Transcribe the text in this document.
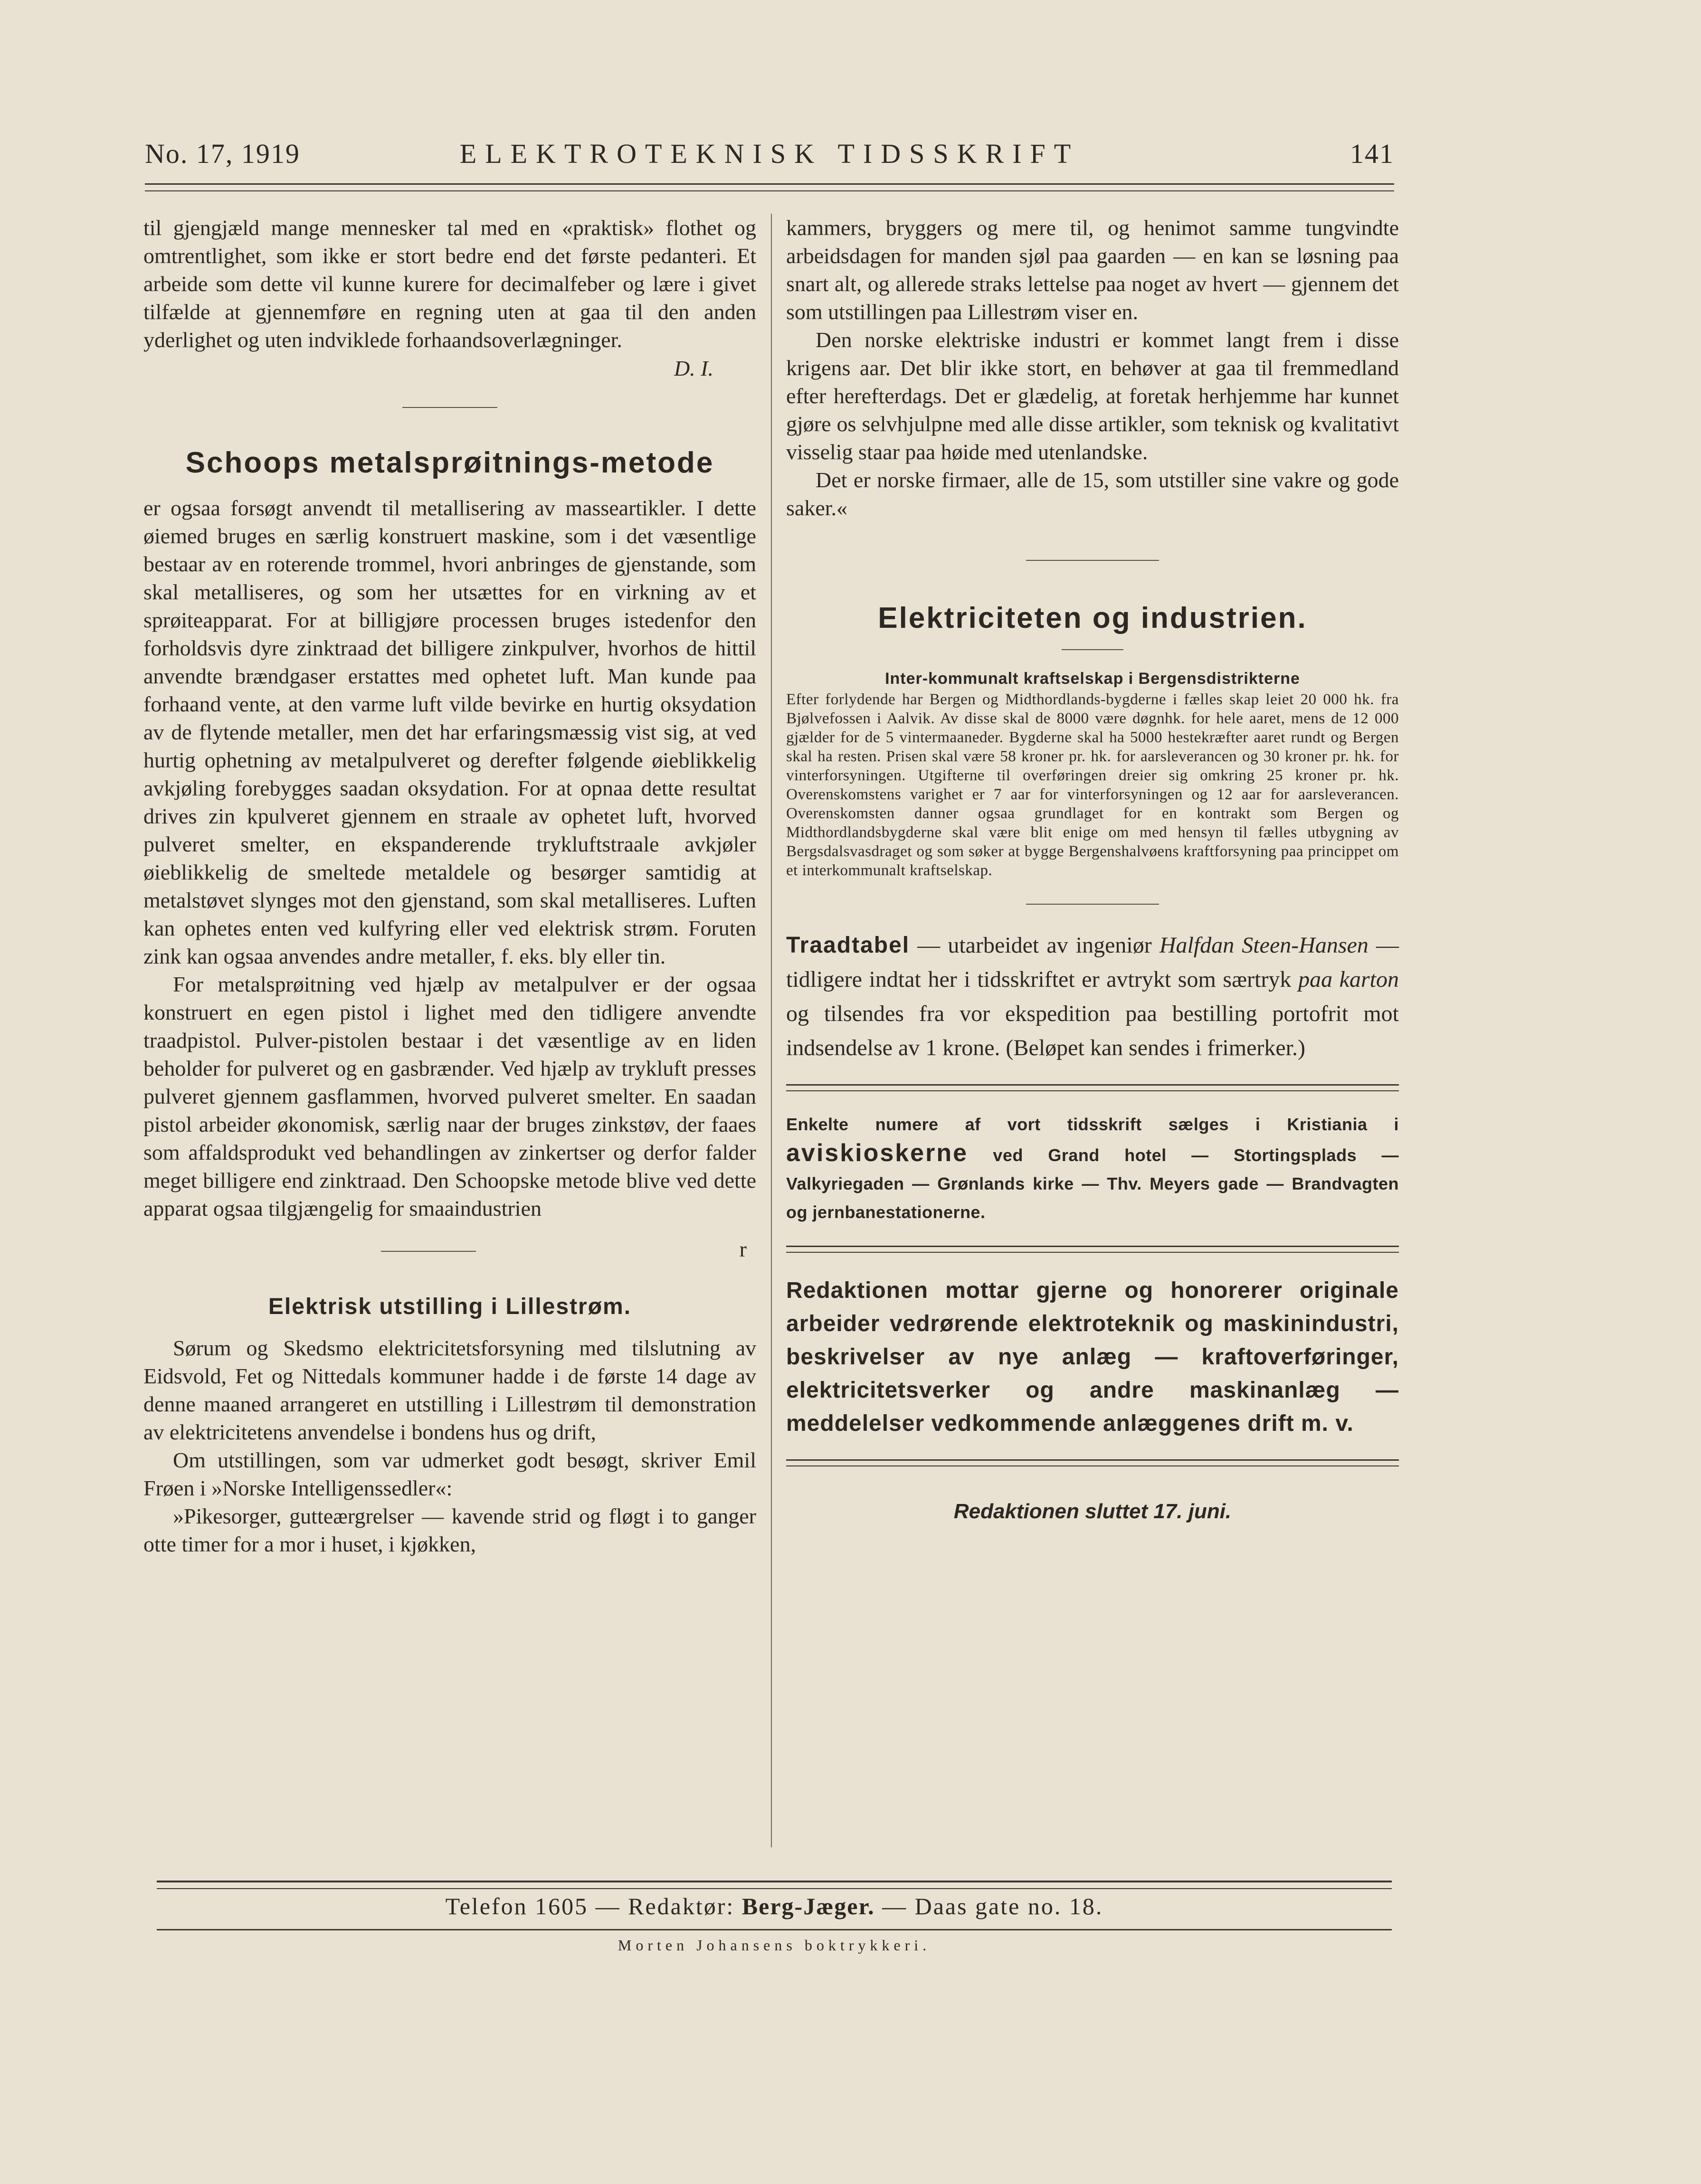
No. 17, 1919	ELEKTROTEKNISK TIDSSKRIFT	141

til gjengjæld mange mennesker tal med en «praktisk» flothet og omtrentlighet, som ikke er stort bedre end det første pedanteri. Et arbeide som dette vil kunne kurere for decimalfeber og lære i givet tilfælde at gjennemføre en regning uten at gaa til den anden yderlighet og uten indviklede forhaandsoverlægninger.

D. I.

Schoops metalsprøitnings-metode

er ogsaa forsøgt anvendt til metallisering av masseartikler. I dette øiemed bruges en særlig konstruert maskine, som i det væsentlige bestaar av en roterende trommel, hvori anbringes de gjenstande, som skal metalliseres, og som her utsættes for en virkning av et sprøiteapparat. For at billigjøre processen bruges istedenfor den forholdsvis dyre zinktraad det billigere zinkpulver, hvorhos de hittil anvendte brændgaser erstattes med ophetet luft. Man kunde paa forhaand vente, at den varme luft vilde bevirke en hurtig oksydation av de flytende metaller, men det har erfaringsmæssig vist sig, at ved hurtig ophetning av metalpulveret og derefter følgende øieblikkelig avkjøling forebygges saadan oksydation. For at opnaa dette resultat drives zin kpulveret gjennem en straale av ophetet luft, hvorved pulveret smelter, en ekspanderende trykluftstraale avkjøler øieblikkelig de smeltede metaldele og besørger samtidig at metalstøvet slynges mot den gjenstand, som skal metalliseres. Luften kan ophetes enten ved kulfyring eller ved elektrisk strøm. Foruten zink kan ogsaa anvendes andre metaller, f. eks. bly eller tin.

For metalsprøitning ved hjælp av metalpulver er der ogsaa konstruert en egen pistol i lighet med den tidligere anvendte traadpistol. Pulver-pistolen bestaar i det væsentlige av en liden beholder for pulveret og en gasbrænder. Ved hjælp av trykluft presses pulveret gjennem gasflammen, hvorved pulveret smelter. En saadan pistol arbeider økonomisk, særlig naar der bruges zinkstøv, der faaes som affaldsprodukt ved behandlingen av zinkertser og derfor falder meget billigere end zinktraad. Den Schoopske metode blive ved dette apparat ogsaa tilgjængelig for smaaindustrien

r
Elektrisk utstilling i Lillestrøm.

Sørum og Skedsmo elektricitetsforsyning med tilslutning av Eidsvold, Fet og Nittedals kommuner hadde i de første 14 dage av denne maaned arrangeret en utstilling i Lillestrøm til demonstration av elektricitetens anvendelse i bondens hus og drift,

Om utstillingen, som var udmerket godt besøgt, skriver Emil Frøen i »Norske Intelligenssedler«:

»Pikesorger, gutteærgrelser — kavende strid og fløgt i to ganger otte timer for a mor i huset, i kjøkken,

kammers, bryggers og mere til, og henimot samme tungvindte arbeidsdagen for manden sjøl paa gaarden — en kan se løsning paa snart alt, og allerede straks lettelse paa noget av hvert — gjennem det som utstillingen paa Lillestrøm viser en.

Den norske elektriske industri er kommet langt frem i disse krigens aar. Det blir ikke stort, en behøver at gaa til fremmedland efter herefterdags. Det er glædelig, at foretak herhjemme har kunnet gjøre os selvhjulpne med alle disse artikler, som teknisk og kvalitativt visselig staar paa høide med utenlandske.

Det er norske firmaer, alle de 15, som utstiller sine vakre og gode saker.«

Elektriciteten og industrien.

Inter-kommunalt kraftselskap i Bergensdistrikterne
Efter forlydende har Bergen og Midthordlands-bygderne i fælles skap leiet 20 000 hk. fra Bjølvefossen i Aalvik. Av disse skal de 8000 være døgnhk. for hele aaret, mens de 12 000 gjælder for de 5 vintermaaneder. Bygderne skal ha 5000 hestekræfter aaret rundt og Bergen skal ha resten. Prisen skal være 58 kroner pr. hk. for aarsleverancen og 30 kroner pr. hk. for vinterforsyningen. Utgifterne til overføringen dreier sig omkring 25 kroner pr. hk. Overenskomstens varighet er 7 aar for vinterforsyningen og 12 aar for aarsleverancen. Overenskomsten danner ogsaa grundlaget for en kontrakt som Bergen og Midthordlandsbygderne skal være blit enige om med hensyn til fælles utbygning av Bergsdalsvasdraget og som søker at bygge Bergenshalvøens kraftforsyning paa princippet om et interkommunalt kraftselskap.

Traadtabel — utarbeidet av ingeniør Halfdan Steen-Hansen — tidligere indtat her i tidsskriftet er avtrykt som særtryk paa karton og tilsendes fra vor ekspedition paa bestilling portofrit mot indsendelse av 1 krone. (Beløpet kan sendes i frimerker.)

Enkelte numere af vort tidsskrift sælges i Kristiania i aviskioskerne ved Grand hotel — Stortingsplads — Valkyriegaden — Grønlands kirke — Thv. Meyers gade — Brandvagten og jernbanestationerne.

Redaktionen mottar gjerne og honorerer originale arbeider vedrørende elektroteknik og maskinindustri, beskrivelser av nye anlæg — kraftoverføringer, elektricitetsverker og andre maskinanlæg — meddelelser vedkommende anlæggenes drift m. v.

Redaktionen sluttet 17. juni.

Telefon 1605 — Redaktør: Berg-Jæger. — Daas gate no. 18.
Morten Johansens boktrykkeri.
